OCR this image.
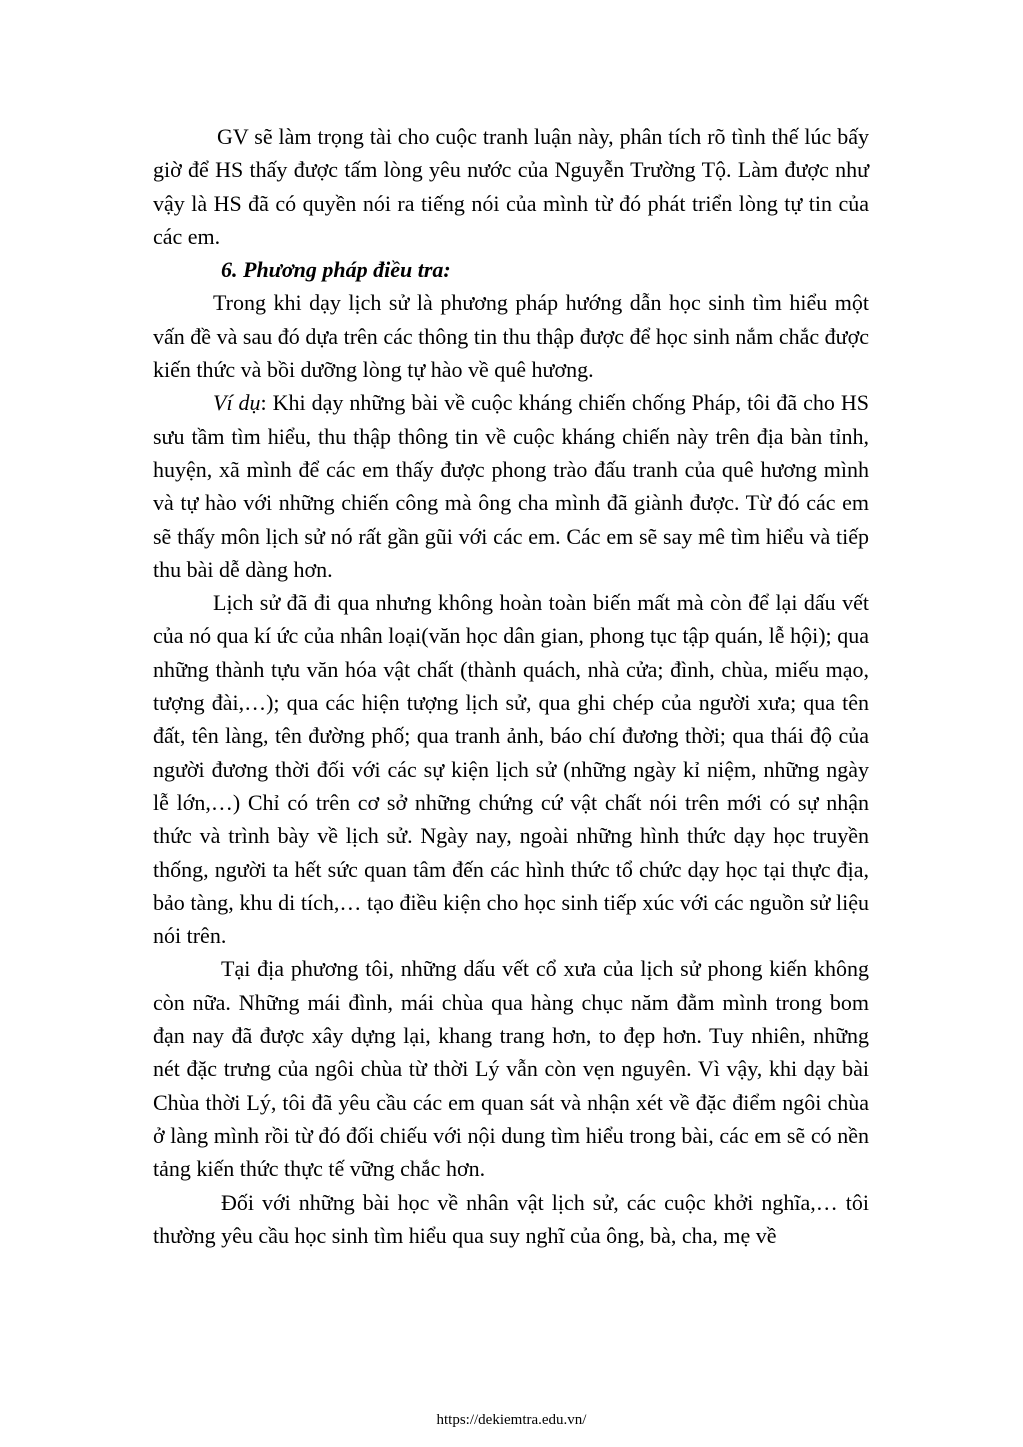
GV sẽ làm trọng tài cho cuộc tranh luận này, phân tích rõ tình thế lúc bấy giờ để HS thấy được tấm lòng yêu nước của Nguyễn Trường Tộ. Làm được như vậy là HS đã có quyền nói ra tiếng nói của mình từ đó phát triển lòng tự tin của các em.

6. Phương pháp điều tra:

Trong khi dạy lịch sử là phương pháp hướng dẫn học sinh tìm hiểu một vấn đề và sau đó dựa trên các thông tin thu thập được để học sinh nắm chắc được kiến thức và bồi dưỡng lòng tự hào về quê hương.

Ví dụ: Khi dạy những bài về cuộc kháng chiến chống Pháp, tôi đã cho HS sưu tầm tìm hiểu, thu thập thông tin về cuộc kháng chiến này trên địa bàn tỉnh, huyện, xã mình để các em thấy được phong trào đấu tranh của quê hương mình và tự hào với những chiến công mà ông cha mình đã giành được. Từ đó các em sẽ thấy môn lịch sử nó rất gần gũi với các em. Các em sẽ say mê tìm hiểu và tiếp thu bài dễ dàng hơn.

Lịch sử đã đi qua nhưng không hoàn toàn biến mất mà còn để lại dấu vết của nó qua kí ức của nhân loại(văn học dân gian, phong tục tập quán, lễ hội); qua những thành tựu văn hóa vật chất (thành quách, nhà cửa; đình, chùa, miếu mạo, tượng đài,…); qua các hiện tượng lịch sử, qua ghi chép của người xưa; qua tên đất, tên làng, tên đường phố; qua tranh ảnh, báo chí đương thời; qua thái độ của người đương thời đối với các sự kiện lịch sử (những ngày kỉ niệm, những ngày lễ lớn,…) Chỉ có trên cơ sở những chứng cứ vật chất nói trên mới có sự nhận thức và trình bày về lịch sử. Ngày nay, ngoài những hình thức dạy học truyền thống, người ta hết sức quan tâm đến các hình thức tổ chức dạy học tại thực địa, bảo tàng, khu di tích,… tạo điều kiện cho học sinh tiếp xúc với các nguồn sử liệu nói trên.

Tại địa phương tôi, những dấu vết cổ xưa của lịch sử phong kiến không còn nữa. Những mái đình, mái chùa qua hàng chục năm đằm mình trong bom đạn nay đã được xây dựng lại, khang trang hơn, to đẹp hơn. Tuy nhiên, những nét đặc trưng của ngôi chùa từ thời Lý vẫn còn vẹn nguyên. Vì vậy, khi dạy bài Chùa thời Lý, tôi đã yêu cầu các em quan sát và nhận xét về đặc điểm ngôi chùa ở làng mình rồi từ đó đối chiếu với nội dung tìm hiểu trong bài, các em sẽ có nền tảng kiến thức thực tế vững chắc hơn.

Đối với những bài học về nhân vật lịch sử, các cuộc khởi nghĩa,… tôi thường yêu cầu học sinh tìm hiểu qua suy nghĩ của ông, bà, cha, mẹ về

https://dekiemtra.edu.vn/
